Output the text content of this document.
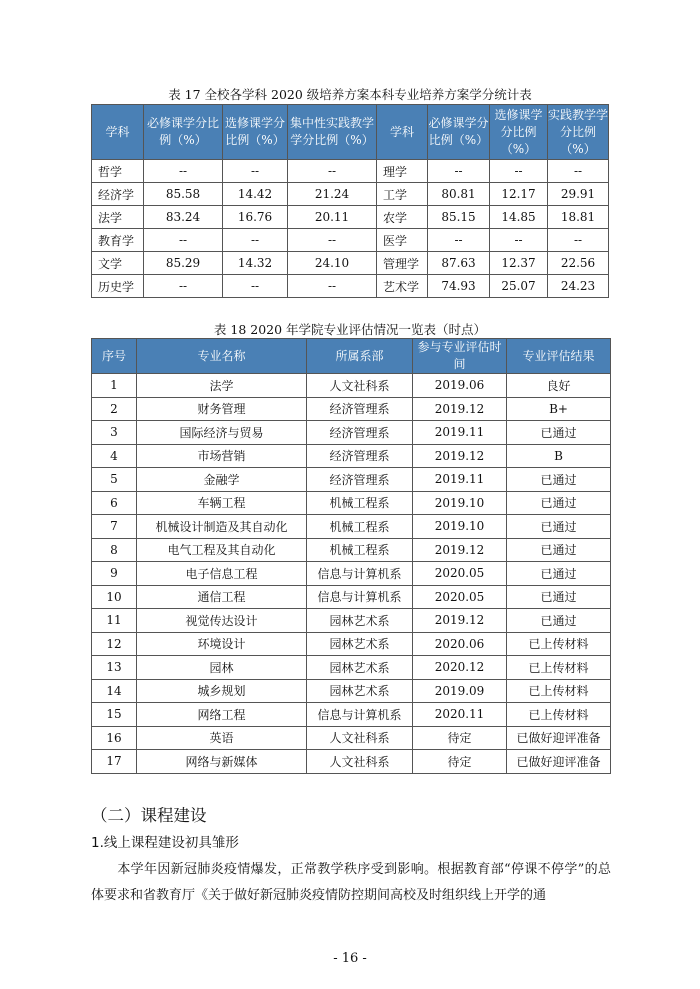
表 17 全校各学科 2020 级培养方案本科专业培养方案学分统计表
学科	必修课学分比例（%）	选修课学分比例（%）	集中性实践教学学分比例（%）	学科	必修课学分比例（%）	选修课学分比例（%）	实践教学学分比例（%）
哲学	--	--	--	理学	--	--	--
经济学	85.58	14.42	21.24	工学	80.81	12.17	29.91
法学	83.24	16.76	20.11	农学	85.15	14.85	18.81
教育学	--	--	--	医学	--	--	--
文学	85.29	14.32	24.10	管理学	87.63	12.37	22.56
历史学	--	--	--	艺术学	74.93	25.07	24.23
表 18 2020 年学院专业评估情况一览表（时点）
序号	专业名称	所属系部	参与专业评估时间	专业评估结果
1	法学	人文社科系	2019.06	良好
2	财务管理	经济管理系	2019.12	B+
3	国际经济与贸易	经济管理系	2019.11	已通过
4	市场营销	经济管理系	2019.12	B
5	金融学	经济管理系	2019.11	已通过
6	车辆工程	机械工程系	2019.10	已通过
7	机械设计制造及其自动化	机械工程系	2019.10	已通过
8	电气工程及其自动化	机械工程系	2019.12	已通过
9	电子信息工程	信息与计算机系	2020.05	已通过
10	通信工程	信息与计算机系	2020.05	已通过
11	视觉传达设计	园林艺术系	2019.12	已通过
12	环境设计	园林艺术系	2020.06	已上传材料
13	园林	园林艺术系	2020.12	已上传材料
14	城乡规划	园林艺术系	2019.09	已上传材料
15	网络工程	信息与计算机系	2020.11	已上传材料
16	英语	人文社科系	待定	已做好迎评准备
17	网络与新媒体	人文社科系	待定	已做好迎评准备
（二）课程建设
1.线上课程建设初具雏形
本学年因新冠肺炎疫情爆发，正常教学秩序受到影响。根据教育部“停课不停学”的总体要求和省教育厅《关于做好新冠肺炎疫情防控期间高校及时组织线上开学的通
- 16 -
